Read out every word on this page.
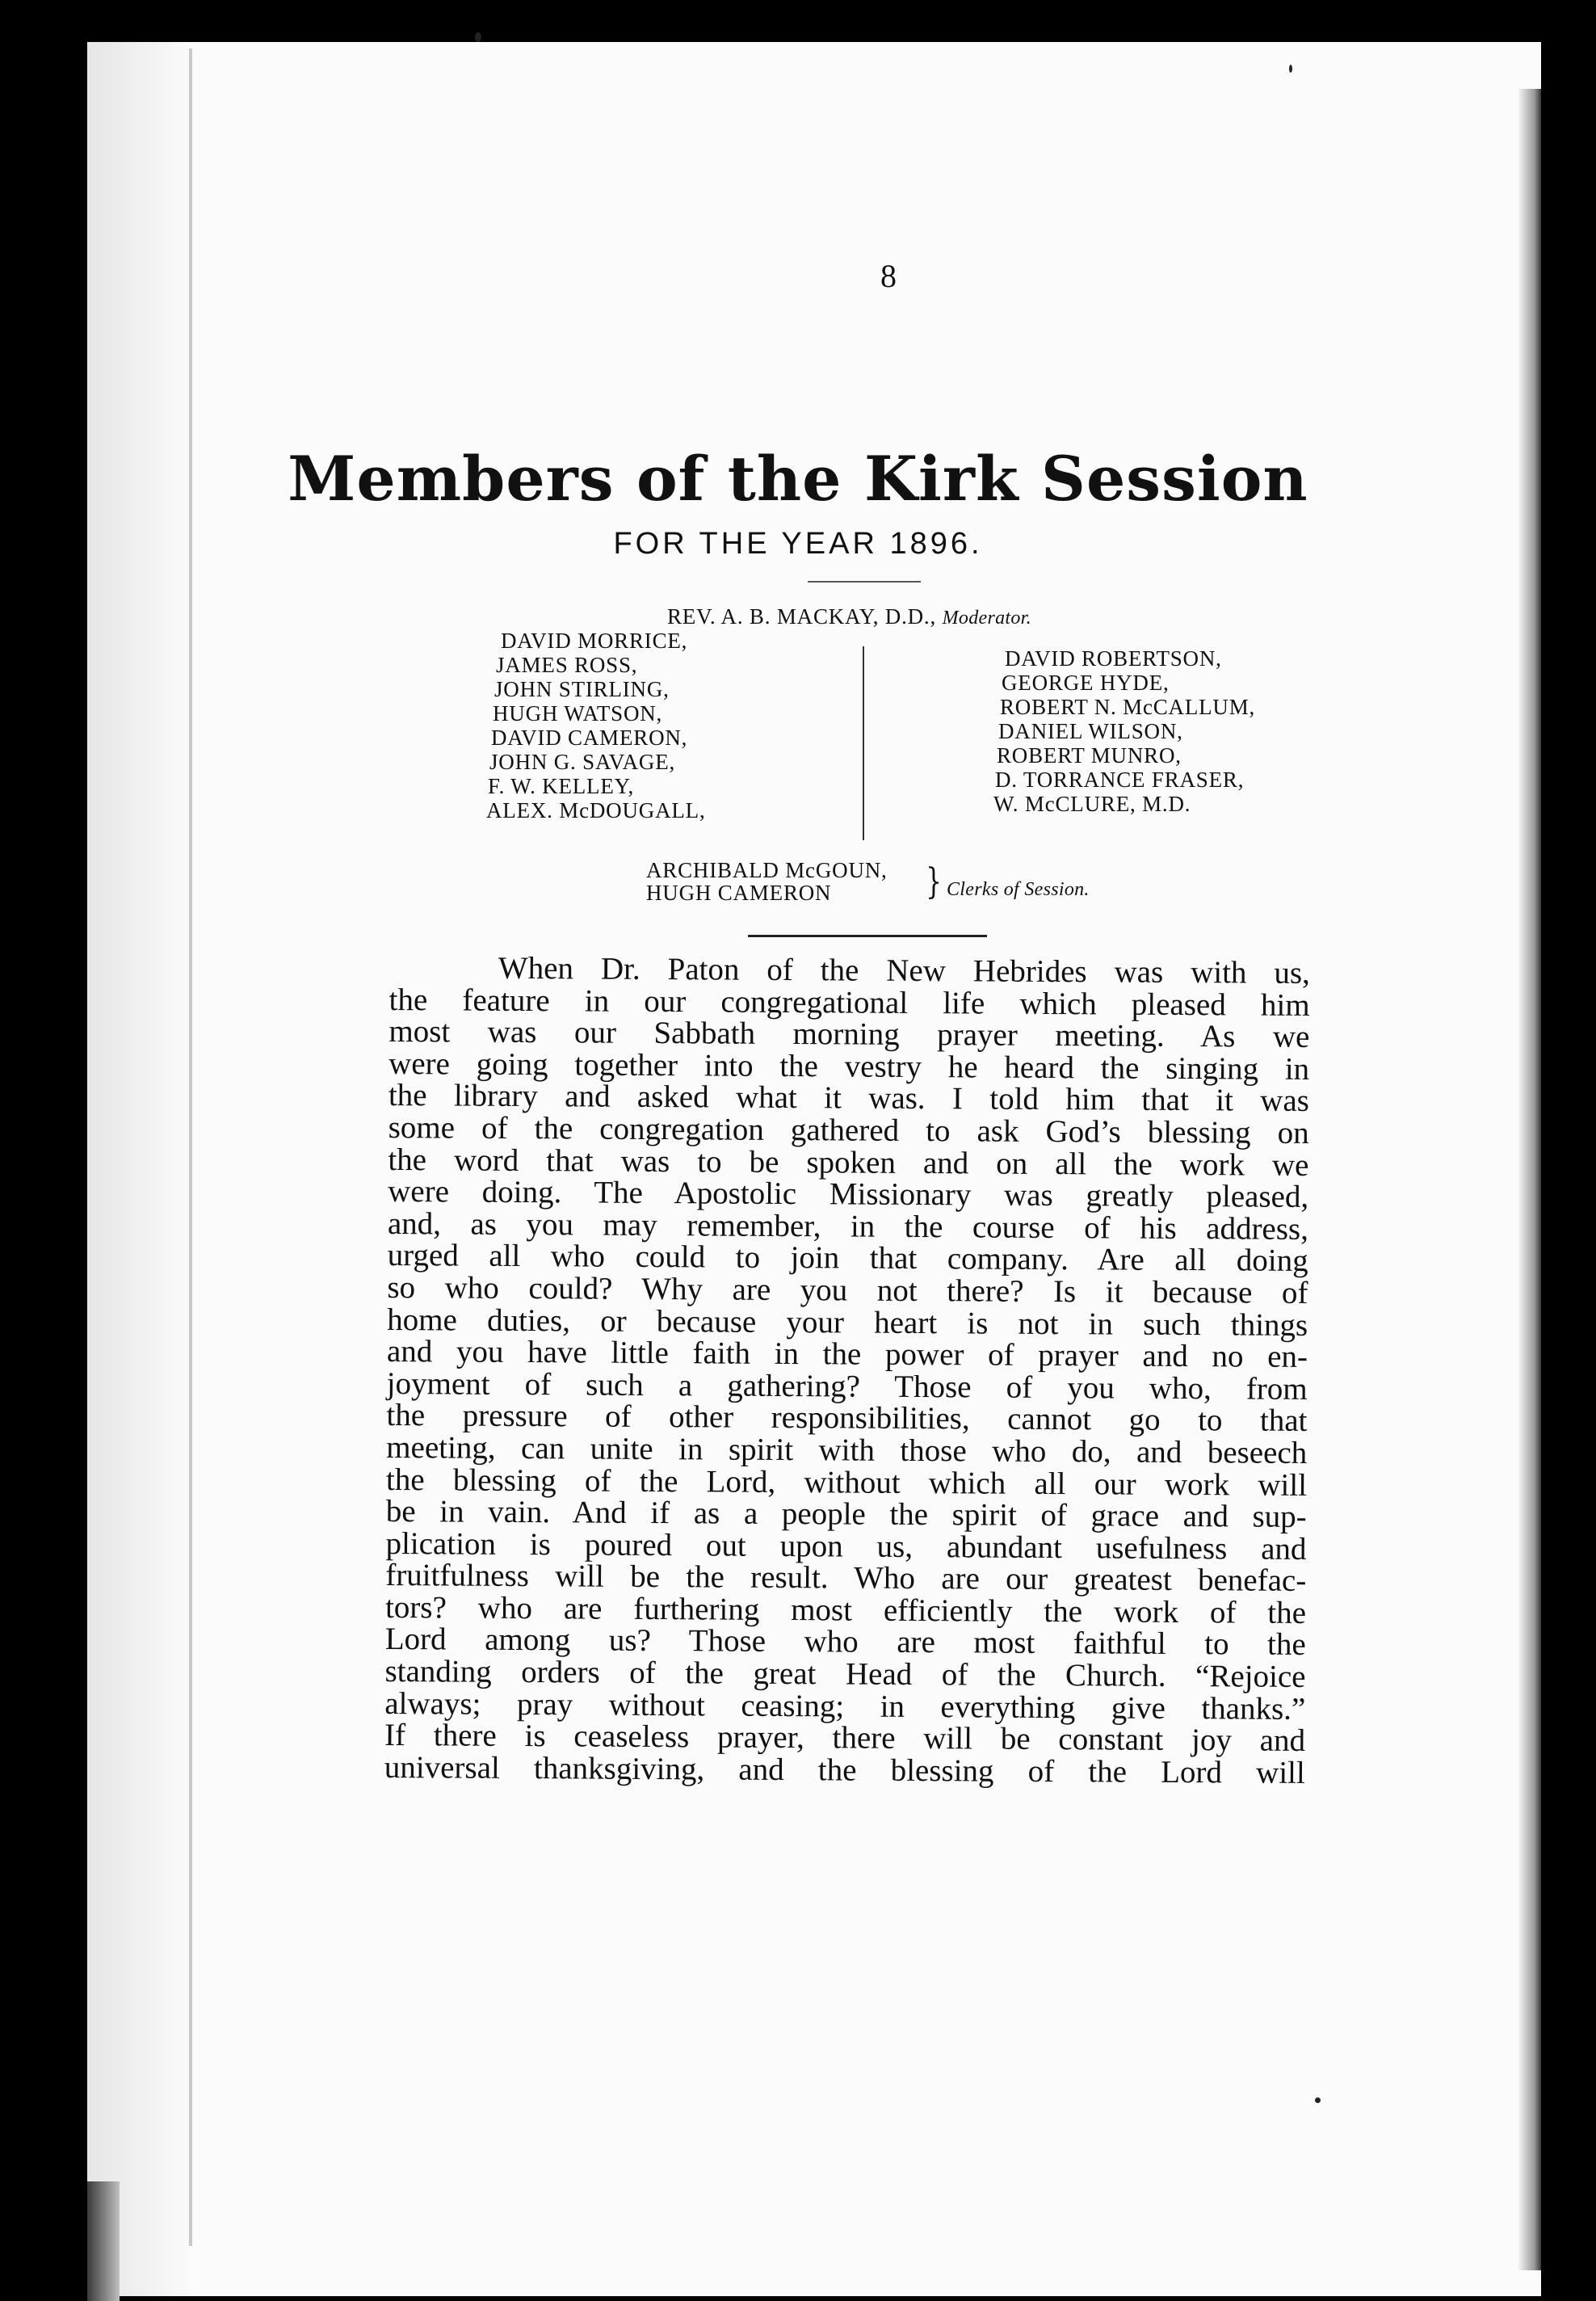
8

Members of the Kirk Session

FOR THE YEAR 1896.

REV. A. B. MACKAY, D.D., Moderator.

DAVID MORRICE,
JAMES ROSS,
JOHN STIRLING,
HUGH WATSON,
DAVID CAMERON,
JOHN G. SAVAGE,
F. W. KELLEY,
ALEX. McDOUGALL,
DAVID ROBERTSON,
GEORGE HYDE,
ROBERT N. McCALLUM,
DANIEL WILSON,
ROBERT MUNRO,
D. TORRANCE FRASER,
W. McCLURE, M.D.

ARCHIBALD McGOUN,

HUGH CAMERON	} Clerks of Session.

When Dr. Paton of the New Hebrides was with us,
the feature in our congregational life which pleased him
most was our Sabbath morning prayer meeting. As we
were going together into the vestry he heard the singing in
the library and asked what it was. I told him that it was
some of the congregation gathered to ask God’s blessing on
the word that was to be spoken and on all the work we
were doing. The Apostolic Missionary was greatly pleased,
and, as you may remember, in the course of his address,
urged all who could to join that company. Are all doing
so who could? Why are you not there? Is it because of
home duties, or because your heart is not in such things
and you have little faith in the power of prayer and no en-
joyment of such a gathering? Those of you who, from
the pressure of other responsibilities, cannot go to that
meeting, can unite in spirit with those who do, and beseech
the blessing of the Lord, without which all our work will
be in vain. And if as a people the spirit of grace and sup-
plication is poured out upon us, abundant usefulness and
fruitfulness will be the result. Who are our greatest benefac-
tors? who are furthering most efficiently the work of the
Lord among us? Those who are most faithful to the
standing orders of the great Head of the Church. “Rejoice
always; pray without ceasing; in everything give thanks.”
If there is ceaseless prayer, there will be constant joy and
universal thanksgiving, and the blessing of the Lord will
